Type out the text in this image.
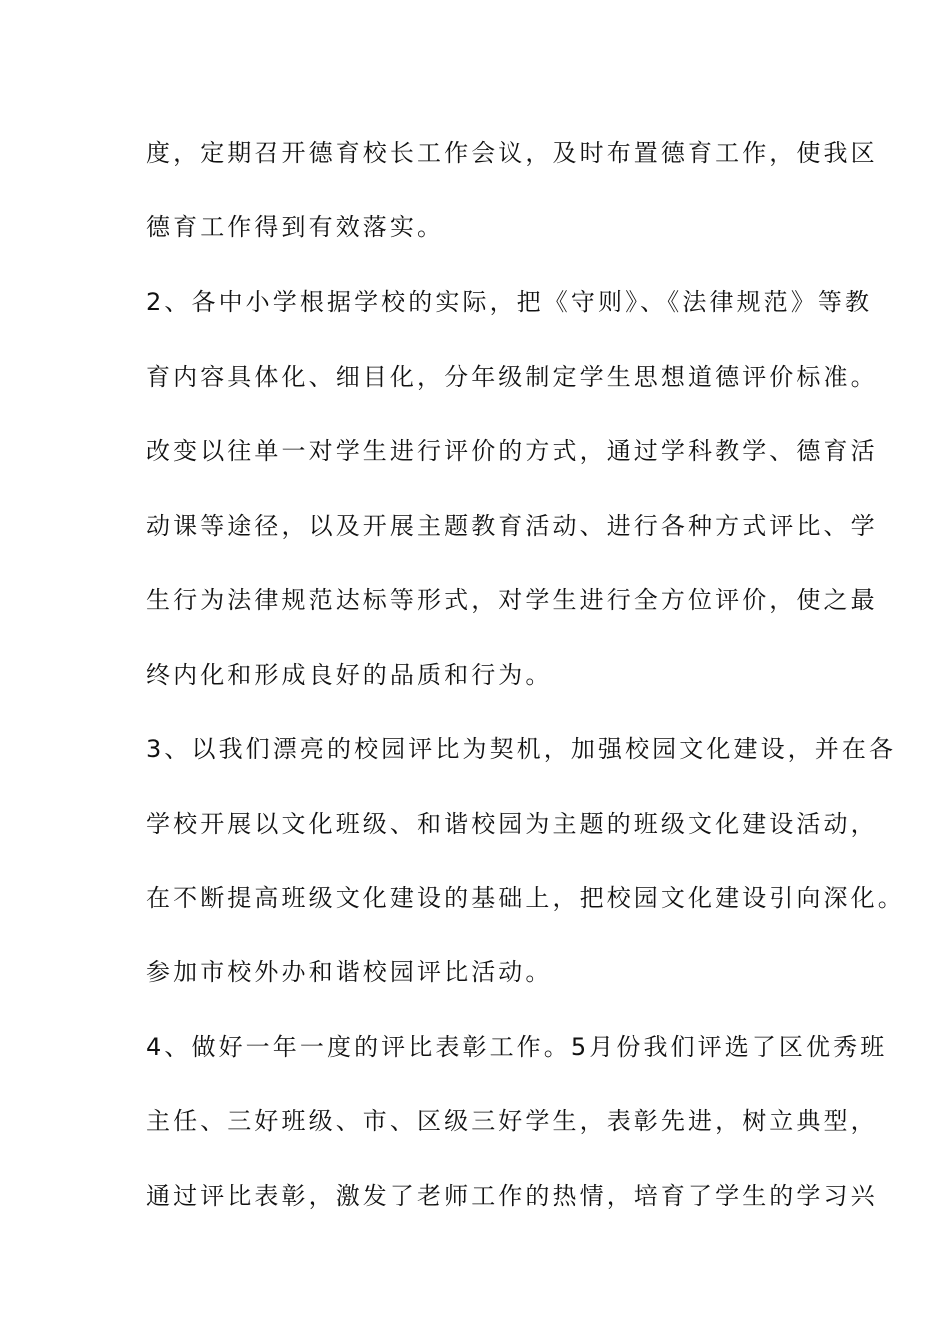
度，定期召开德育校长工作会议，及时布置德育工作，使我区
德育工作得到有效落实。
2、各中小学根据学校的实际，把《守则》、《法律规范》等教
育内容具体化、细目化，分年级制定学生思想道德评价标准。
改变以往单一对学生进行评价的方式，通过学科教学、德育活
动课等途径，以及开展主题教育活动、进行各种方式评比、学
生行为法律规范达标等形式，对学生进行全方位评价，使之最
终内化和形成良好的品质和行为。
3、以我们漂亮的校园评比为契机，加强校园文化建设，并在各
学校开展以文化班级、和谐校园为主题的班级文化建设活动，
在不断提高班级文化建设的基础上，把校园文化建设引向深化。
参加市校外办和谐校园评比活动。
4、做好一年一度的评比表彰工作。5月份我们评选了区优秀班
主任、三好班级、市、区级三好学生，表彰先进，树立典型，
通过评比表彰，激发了老师工作的热情，培育了学生的学习兴
